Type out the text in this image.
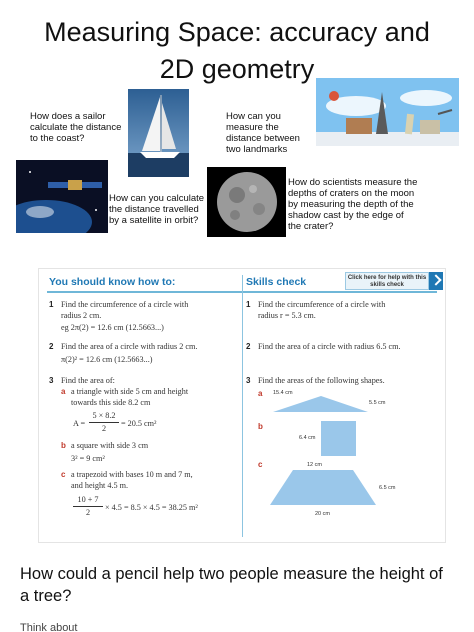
Measuring Space: accuracy and
2D geometry
How does a sailor calculate the distance to the coast?
How can you measure the distance between two landmarks
How can you calculate the distance travelled by a satellite in orbit?
How do scientists measure the depths of craters on the moon by measuring the depth of the shadow cast by the edge of the crater?
You should know how to:	Skills check	Click here for help with this skills check
1 Find the circumference of a circle with
radius 2 cm.
eg 2π(2) = 12.6 cm (12.5663...)
2 Find the area of a circle with radius 2 cm.
π(2)² = 12.6 cm (12.5663...)
3 Find the area of:
a a triangle with side 5 cm and height
towards this side 8.2 cm
A =
5 × 8.2
2
= 20.5 cm²
b a square with side 3 cm
3² = 9 cm²
c a trapezoid with bases 10 m and 7 m,
and height 4.5 m.
10 + 7
2
× 4.5 = 8.5 × 4.5 = 38.25 m²
1 Find the circumference of a circle with
radius r = 5.3 cm.
2 Find the area of a circle with radius 6.5 cm.
3 Find the areas of the following shapes.
a 15.4 cm
5.5 cm
b
6.4 cm
c	12 cm
6.5 cm
20 cm
How could a pencil help two people measure the height of a tree?
Think about
